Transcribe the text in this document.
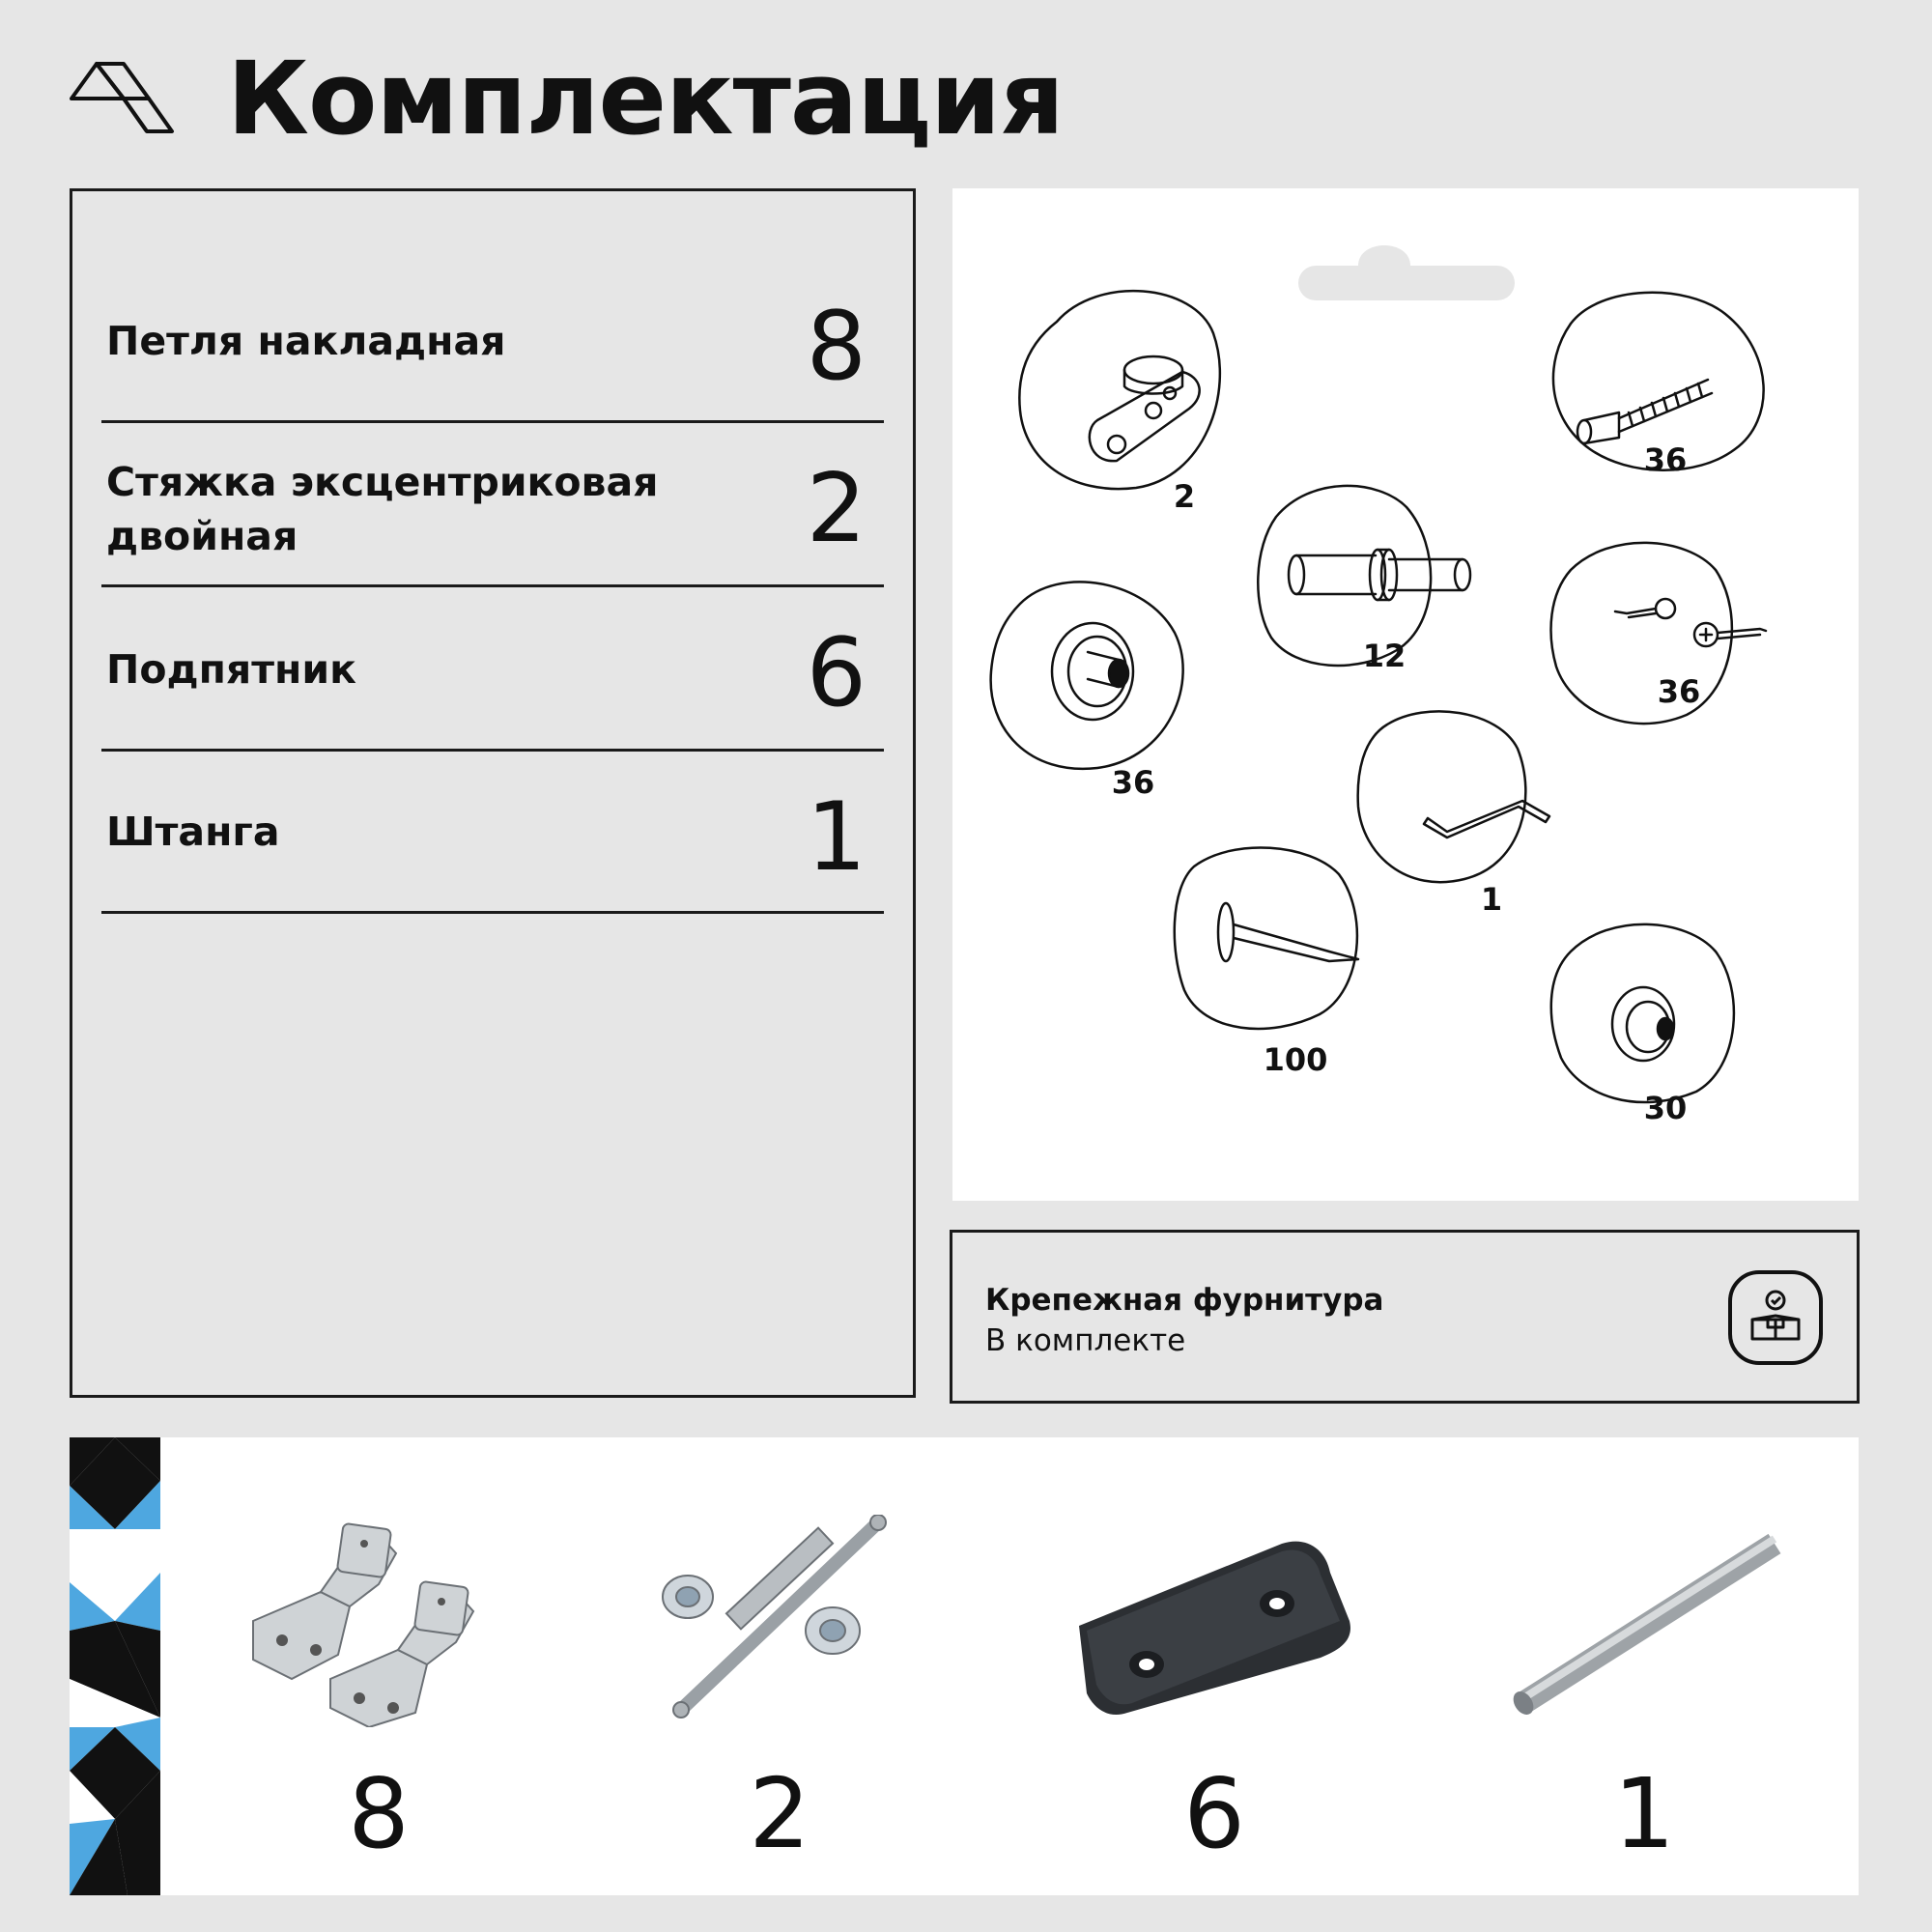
Комплектация
Петля накладная	8
Стяжка эксцентриковая двойная	2
Подпятник	6
Штанга	1
2
36
12
36
36
1
100
30
Крепежная фурнитура
В комплекте
8	2	6	1
